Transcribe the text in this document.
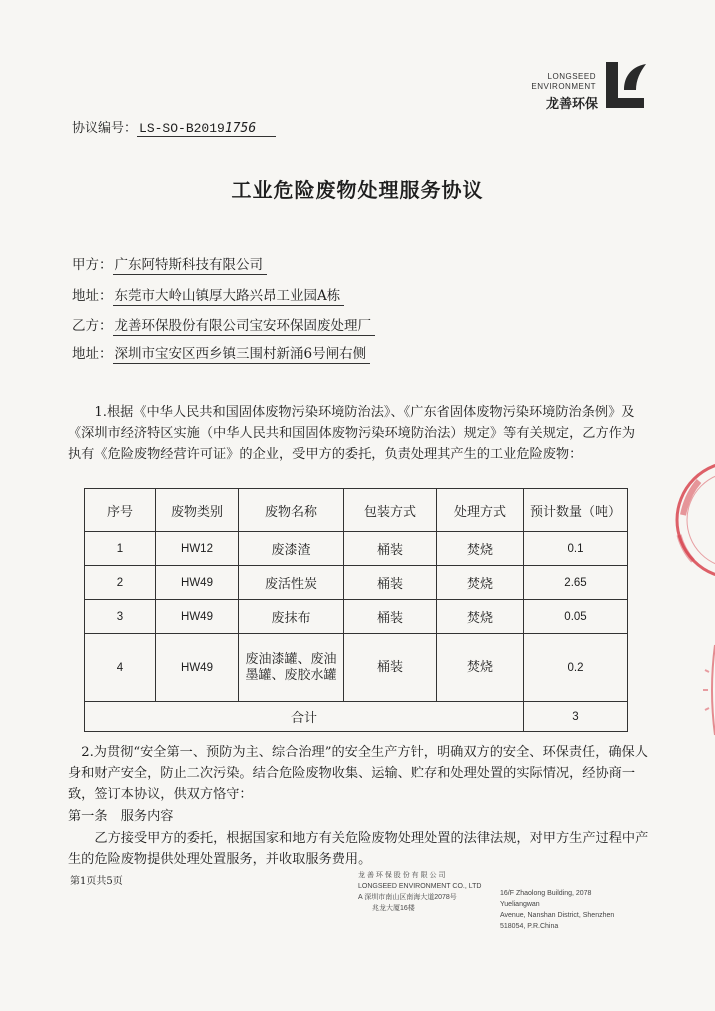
LONGSEED
ENVIRONMENT
龙善环保
协议编号： LS-SO-B20191756
工业危险废物处理服务协议
甲方： 广东阿特斯科技有限公司
地址： 东莞市大岭山镇厚大路兴昂工业园A栋
乙方： 龙善环保股份有限公司宝安环保固废处理厂
地址： 深圳市宝安区西乡镇三围村新涌6号闸右侧
1.根据《中华人民共和国固体废物污染环境防治法》、《广东省固体废物污染环境防治条例》及《深圳市经济特区实施（中华人民共和国固体废物污染环境防治法）规定》等有关规定，乙方作为执有《危险废物经营许可证》的企业，受甲方的委托，负责处理其产生的工业危险废物：
序号	废物类别	废物名称	包装方式	处理方式	预计数量（吨）
1	HW12	废漆渣	桶装	焚烧	0.1
2	HW49	废活性炭	桶装	焚烧	2.65
3	HW49	废抹布	桶装	焚烧	0.05
4	HW49	废油漆罐、废油墨罐、废胶水罐	桶装	焚烧	0.2
合计					3
2.为贯彻“安全第一、预防为主、综合治理”的安全生产方针，明确双方的安全、环保责任，确保人身和财产安全，防止二次污染。结合危险废物收集、运输、贮存和处理处置的实际情况，经协商一致，签订本协议，供双方恪守：
第一条　服务内容
乙方接受甲方的委托，根据国家和地方有关危险废物处理处置的法律法规，对甲方生产过程中产生的危险废物提供处理处置服务，并收取服务费用。
第1页共5页
龙 善 环 保 股 份 有 限 公 司
LONGSEED ENVIRONMENT CO., LTD
A 深圳市南山区南海大道2078号
兆龙大厦16楼
16/F Zhaolong Building, 2078 Yueliangwan
Avenue, Nanshan District, Shenzhen
518054, P.R.China
